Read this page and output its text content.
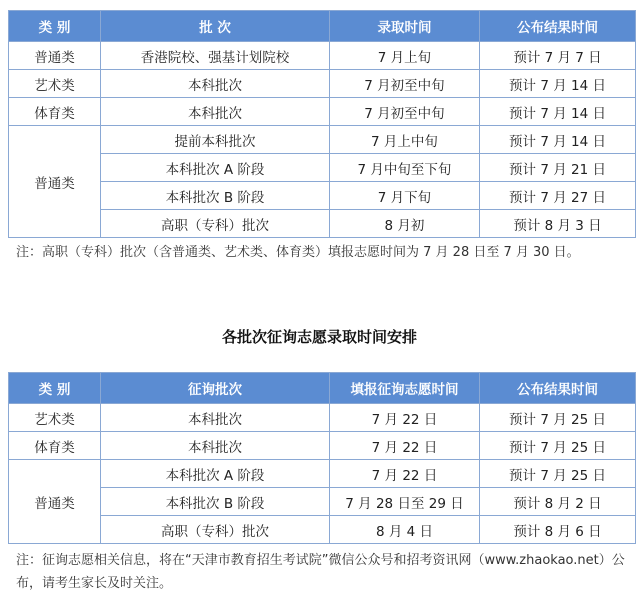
类 别	批 次	录取时间	公布结果时间
普通类	香港院校、强基计划院校	7 月上旬	预计 7 月 7 日
艺术类	本科批次	7 月初至中旬	预计 7 月 14 日
体育类	本科批次	7 月初至中旬	预计 7 月 14 日
普通类	提前本科批次	7 月上中旬	预计 7 月 14 日
	本科批次 A 阶段	7 月中旬至下旬	预计 7 月 21 日
	本科批次 B 阶段	7 月下旬	预计 7 月 27 日
	高职（专科）批次	8 月初	预计 8 月 3 日
注：高职（专科）批次（含普通类、艺术类、体育类）填报志愿时间为 7 月 28 日至 7 月 30 日。
各批次征询志愿录取时间安排
类 别	征询批次	填报征询志愿时间	公布结果时间
艺术类	本科批次	7 月 22 日	预计 7 月 25 日
体育类	本科批次	7 月 22 日	预计 7 月 25 日
普通类	本科批次 A 阶段	7 月 22 日	预计 7 月 25 日
	本科批次 B 阶段	7 月 28 日至 29 日	预计 8 月 2 日
	高职（专科）批次	8 月 4 日	预计 8 月 6 日
注：征询志愿相关信息，将在“天津市教育招生考试院”微信公众号和招考资讯网（www.zhaokao.net）公布，请考生家长及时关注。
